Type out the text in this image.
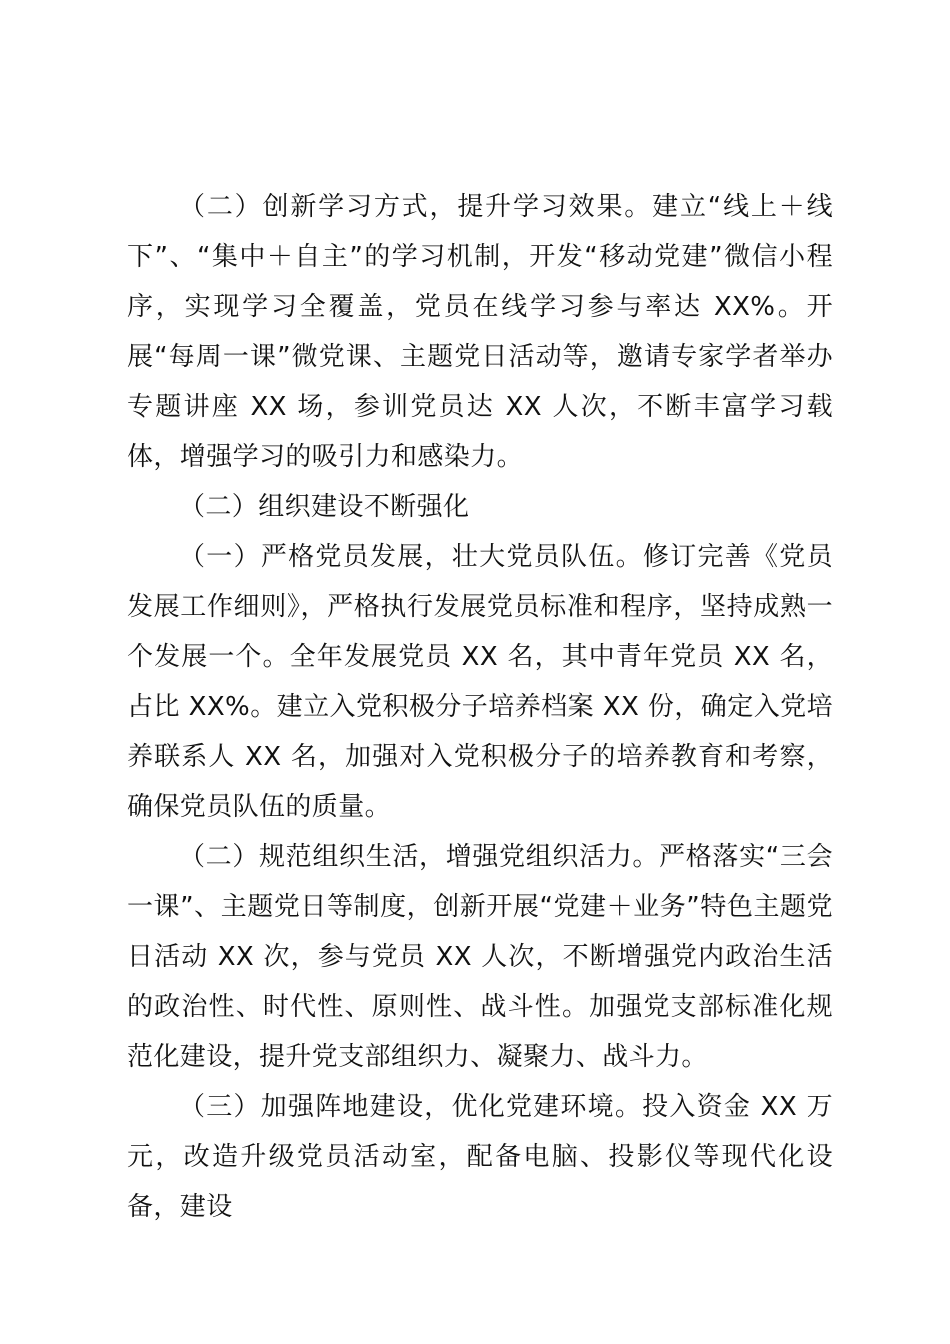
（二）创新学习方式，提升学习效果。建立“线上＋线下”、“集中＋自主”的学习机制，开发“移动党建”微信小程序，实现学习全覆盖，党员在线学习参与率达 XX%。开展“每周一课”微党课、主题党日活动等，邀请专家学者举办专题讲座 XX 场，参训党员达 XX 人次，不断丰富学习载体，增强学习的吸引力和感染力。

（二）组织建设不断强化

（一）严格党员发展，壮大党员队伍。修订完善《党员发展工作细则》，严格执行发展党员标准和程序，坚持成熟一个发展一个。全年发展党员 XX 名，其中青年党员 XX 名，占比 XX%。建立入党积极分子培养档案 XX 份，确定入党培养联系人 XX 名，加强对入党积极分子的培养教育和考察，确保党员队伍的质量。

（二）规范组织生活，增强党组织活力。严格落实“三会一课”、主题党日等制度，创新开展“党建＋业务”特色主题党日活动 XX 次，参与党员 XX 人次，不断增强党内政治生活的政治性、时代性、原则性、战斗性。加强党支部标准化规范化建设，提升党支部组织力、凝聚力、战斗力。

（三）加强阵地建设，优化党建环境。投入资金 XX 万元，改造升级党员活动室，配备电脑、投影仪等现代化设备，建设
